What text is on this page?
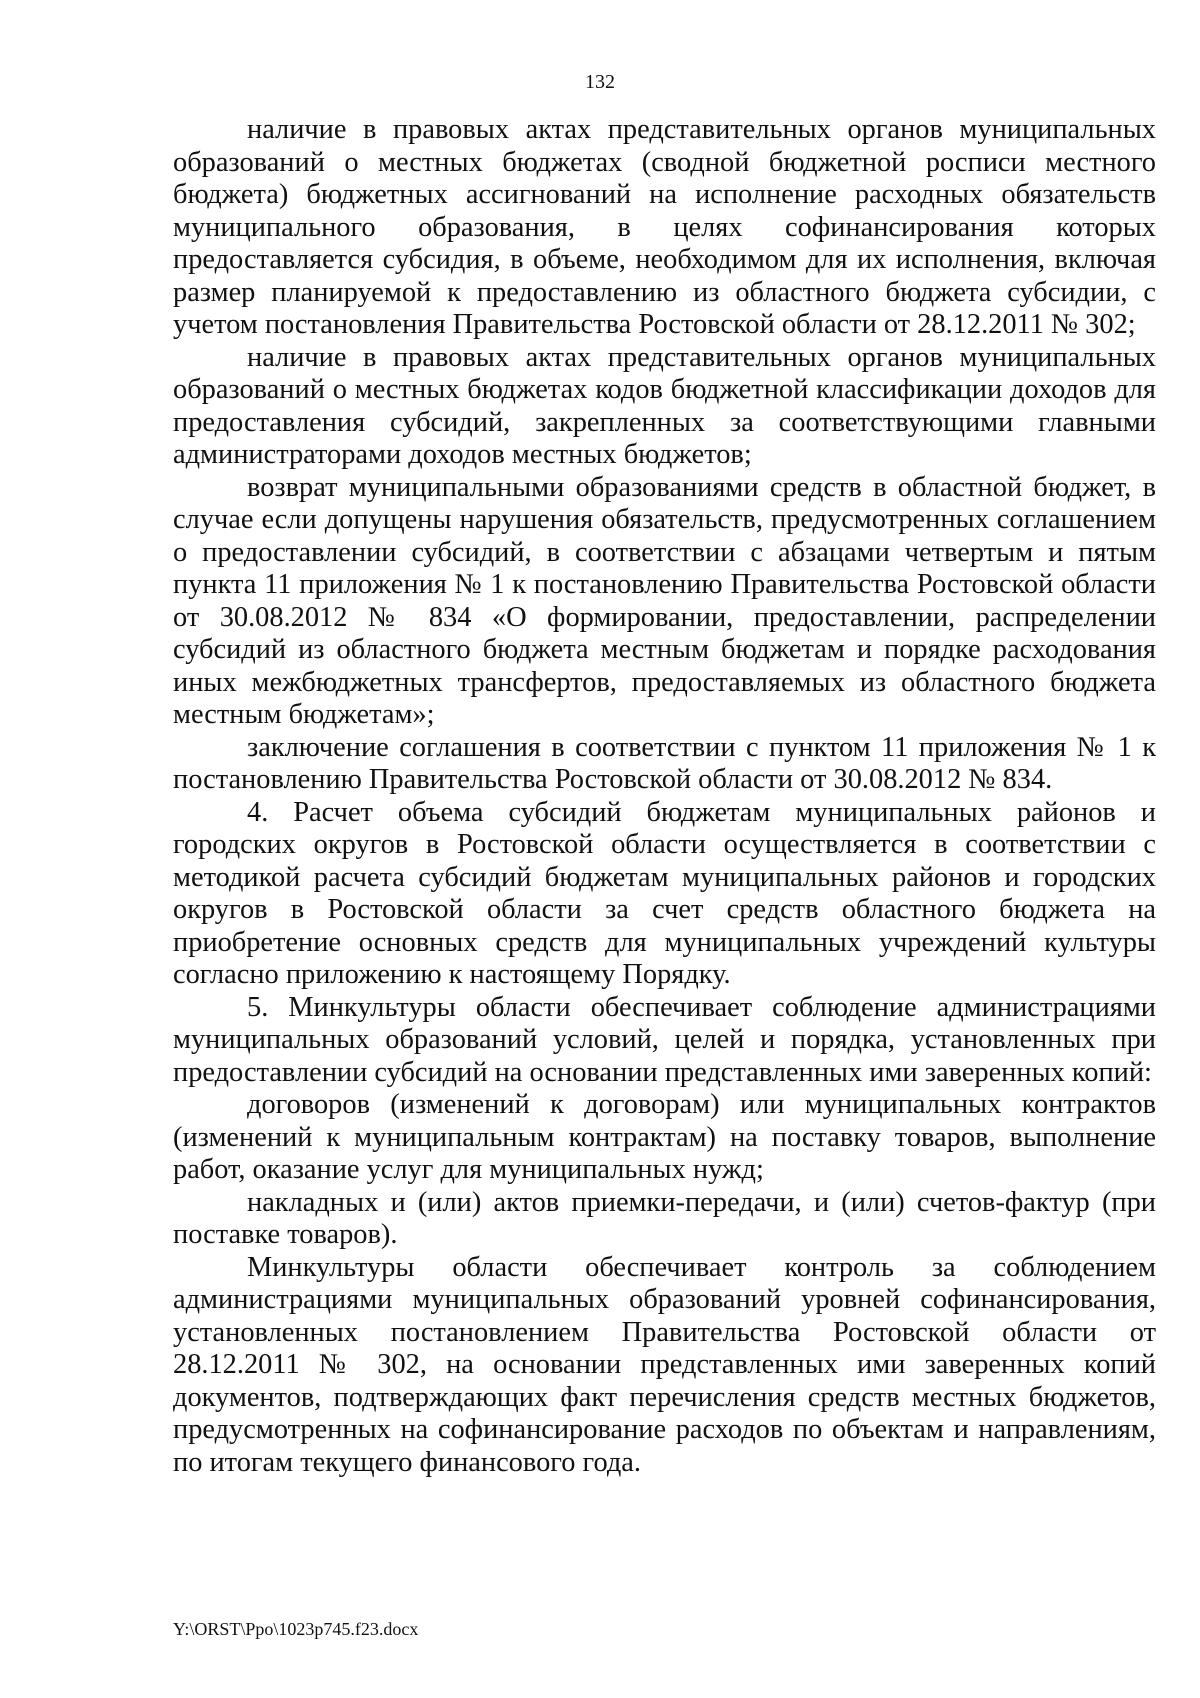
132

наличие в правовых актах представительных органов муниципальных образований о местных бюджетах (сводной бюджетной росписи местного бюджета) бюджетных ассигнований на исполнение расходных обязательств муниципального образования, в целях софинансирования которых предоставляется субсидия, в объеме, необходимом для их исполнения, включая размер планируемой к предоставлению из областного бюджета субсидии, с учетом постановления Правительства Ростовской области от 28.12.2011 № 302;

наличие в правовых актах представительных органов муниципальных образований о местных бюджетах кодов бюджетной классификации доходов для предоставления субсидий, закрепленных за соответствующими главными администраторами доходов местных бюджетов;

возврат муниципальными образованиями средств в областной бюджет, в случае если допущены нарушения обязательств, предусмотренных соглашением о предоставлении субсидий, в соответствии с абзацами четвертым и пятым пункта 11 приложения № 1 к постановлению Правительства Ростовской области от 30.08.2012 № 834 «О формировании, предоставлении, распределении субсидий из областного бюджета местным бюджетам и порядке расходования иных межбюджетных трансфертов, предоставляемых из областного бюджета местным бюджетам»;

заключение соглашения в соответствии с пунктом 11 приложения № 1 к постановлению Правительства Ростовской области от 30.08.2012 № 834.

4. Расчет объема субсидий бюджетам муниципальных районов и городских округов в Ростовской области осуществляется в соответствии с методикой расчета субсидий бюджетам муниципальных районов и городских округов в Ростовской области за счет средств областного бюджета на приобретение основных средств для муниципальных учреждений культуры согласно приложению к настоящему Порядку.

5. Минкультуры области обеспечивает соблюдение администрациями муниципальных образований условий, целей и порядка, установленных при предоставлении субсидий на основании представленных ими заверенных копий:

договоров (изменений к договорам) или муниципальных контрактов (изменений к муниципальным контрактам) на поставку товаров, выполнение работ, оказание услуг для муниципальных нужд;

накладных и (или) актов приемки-передачи, и (или) счетов-фактур (при поставке товаров).

Минкультуры области обеспечивает контроль за соблюдением администрациями муниципальных образований уровней софинансирования, установленных постановлением Правительства Ростовской области от 28.12.2011 № 302, на основании представленных ими заверенных копий документов, подтверждающих факт перечисления средств местных бюджетов, предусмотренных на софинансирование расходов по объектам и направлениям, по итогам текущего финансового года.

Y:\ORST\Ppo\1023p745.f23.docx
